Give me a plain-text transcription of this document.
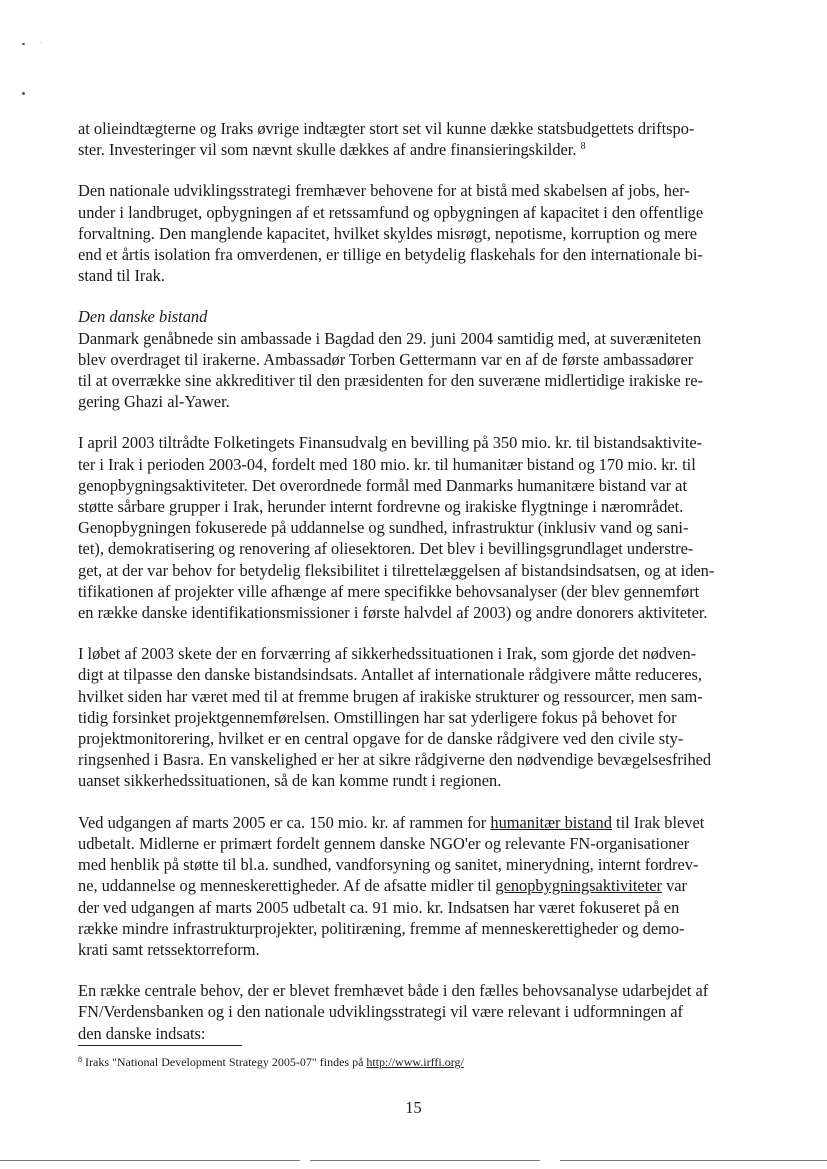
at olieindtægterne og Iraks øvrige indtægter stort set vil kunne dække statsbudgettets driftspo-
ster. Investeringer vil som nævnt skulle dækkes af andre finansieringskilder. $^8$

Den nationale udviklingsstrategi fremhæver behovene for at bistå med skabelsen af jobs, her-
under i landbruget, opbygningen af et retssamfund og opbygningen af kapacitet i den offentlige
forvaltning. Den manglende kapacitet, hvilket skyldes misrøgt, nepotisme, korruption og mere
end et årtis isolation fra omverdenen, er tillige en betydelig flaskehals for den internationale bi-
stand til Irak.

Den danske bistand
Danmark genåbnede sin ambassade i Bagdad den 29. juni 2004 samtidig med, at suveræniteten
blev overdraget til irakerne. Ambassadør Torben Gettermann var en af de første ambassadører
til at overrække sine akkreditiver til den præsidenten for den suveræne midlertidige irakiske re-
gering Ghazi al-Yawer.

I april 2003 tiltrådte Folketingets Finansudvalg en bevilling på 350 mio. kr. til bistandsaktivite-
ter i Irak i perioden 2003-04, fordelt med 180 mio. kr. til humanitær bistand og 170 mio. kr. til
genopbygningsaktiviteter. Det overordnede formål med Danmarks humanitære bistand var at
støtte sårbare grupper i Irak, herunder internt fordrevne og irakiske flygtninge i nærområdet.
Genopbygningen fokuserede på uddannelse og sundhed, infrastruktur (inklusiv vand og sani-
tet), demokratisering og renovering af oliesektoren. Det blev i bevillingsgrundlaget understre-
get, at der var behov for betydelig fleksibilitet i tilrettelæggelsen af bistandsindsatsen, og at iden-
tifikationen af projekter ville afhænge af mere specifikke behovsanalyser (der blev gennemført
en række danske identifikationsmissioner i første halvdel af 2003) og andre donorers aktiviteter.

I løbet af 2003 skete der en forværring af sikkerhedssituationen i Irak, som gjorde det nødven-
digt at tilpasse den danske bistandsindsats. Antallet af internationale rådgivere måtte reduceres,
hvilket siden har været med til at fremme brugen af irakiske strukturer og ressourcer, men sam-
tidig forsinket projektgennemførelsen. Omstillingen har sat yderligere fokus på behovet for
projektmonitorering, hvilket er en central opgave for de danske rådgivere ved den civile sty-
ringsenhed i Basra. En vanskelighed er her at sikre rådgiverne den nødvendige bevægelsesfrihed
uanset sikkerhedssituationen, så de kan komme rundt i regionen.

Ved udgangen af marts 2005 er ca. 150 mio. kr. af rammen for humanitær bistand til Irak blevet
udbetalt. Midlerne er primært fordelt gennem danske NGO'er og relevante FN-organisationer
med henblik på støtte til bl.a. sundhed, vandforsyning og sanitet, minerydning, internt fordrev-
ne, uddannelse og menneskerettigheder. Af de afsatte midler til genopbygningsaktiviteter var
der ved udgangen af marts 2005 udbetalt ca. 91 mio. kr. Indsatsen har været fokuseret på en
række mindre infrastrukturprojekter, politiræning, fremme af menneskerettigheder og demo-
krati samt retssektorreform.

En række centrale behov, der er blevet fremhævet både i den fælles behovsanalyse udarbejdet af
FN/Verdensbanken og i den nationale udviklingsstrategi vil være relevant i udformningen af
den danske indsats:

$^8$ Iraks "National Development Strategy 2005-07" findes på http://www.irffi.org/
15
